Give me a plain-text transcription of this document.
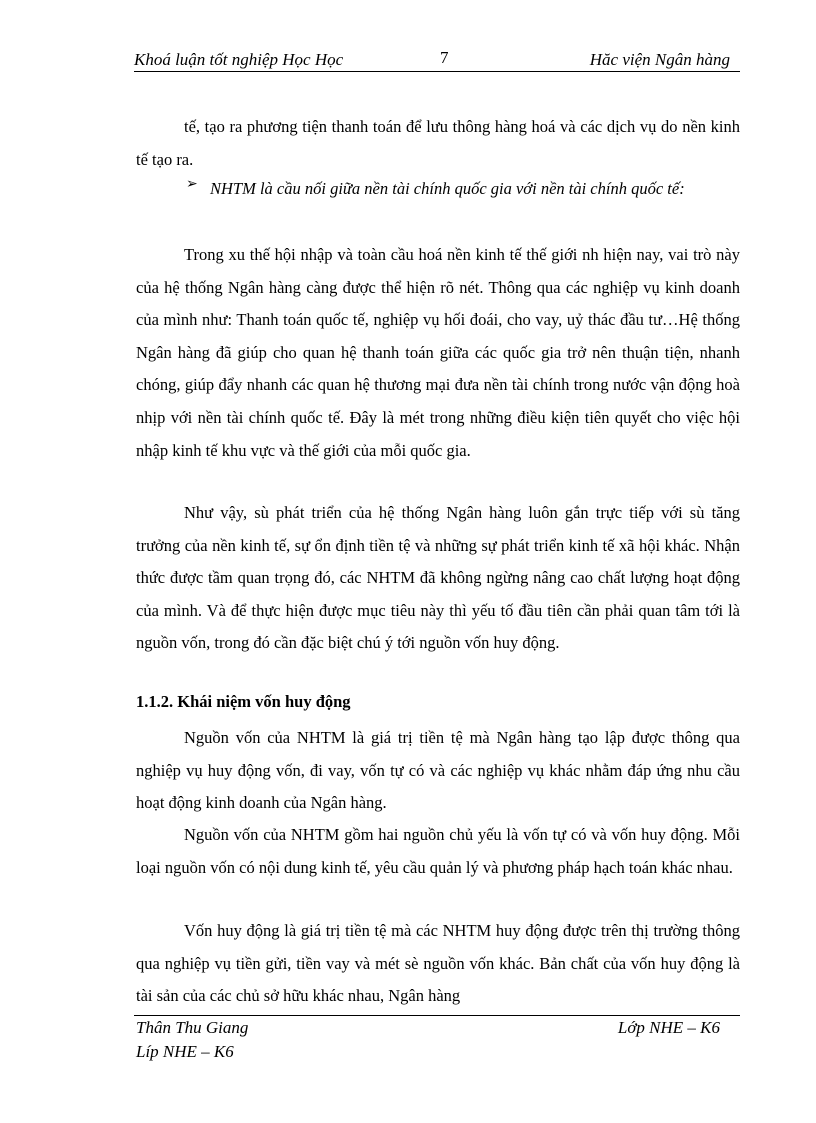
Khoá luận tốt nghiệp Học Học	7	Hăc viện Ngân hàng
tế, tạo ra phương tiện thanh toán để lưu thông hàng hoá và các dịch vụ do nền kinh tế tạo ra.
➢ NHTM là cầu nối giữa nền tài chính quốc gia với nền tài chính quốc tế:
Trong xu thế hội nhập và toàn cầu hoá nền kinh tế thế giới nh hiện nay, vai trò này của hệ thống Ngân hàng càng được thể hiện rõ nét. Thông qua các nghiệp vụ kinh doanh của mình như: Thanh toán quốc tế, nghiệp vụ hối đoái, cho vay, uỷ thác đầu tư…Hệ thống Ngân hàng đã giúp cho quan hệ thanh toán giữa các quốc gia trở nên thuận tiện, nhanh chóng, giúp đẩy nhanh các quan hệ thương mại đưa nền tài chính trong nước vận động hoà nhịp với nền tài chính quốc tế. Đây là mét trong những điều kiện tiên quyết cho việc hội nhập kinh tế khu vực và thế giới của mỗi quốc gia.
Như vậy, sù phát triển của hệ thống Ngân hàng luôn gắn trực tiếp với sù tăng trưởng của nền kinh tế, sự ổn định tiền tệ và những sự phát triển kinh tế xã hội khác. Nhận thức được tầm quan trọng đó, các NHTM đã không ngừng nâng cao chất lượng hoạt động của mình. Và để thực hiện được mục tiêu này thì yếu tố đầu tiên cần phải quan tâm tới là nguồn vốn, trong đó cần đặc biệt chú ý tới nguồn vốn huy động.
1.1.2. Khái niệm vốn huy động
Nguồn vốn của NHTM là giá trị tiền tệ mà Ngân hàng tạo lập được thông qua nghiệp vụ huy động vốn, đi vay, vốn tự có và các nghiệp vụ khác nhằm đáp ứng nhu cầu hoạt động kinh doanh của Ngân hàng.
Nguồn vốn của NHTM gồm hai nguồn chủ yếu là vốn tự có và vốn huy động. Mỗi loại nguồn vốn có nội dung kinh tế, yêu cầu quản lý và phương pháp hạch toán khác nhau.
Vốn huy động là giá trị tiền tệ mà các NHTM huy động được trên thị trường thông qua nghiệp vụ tiền gửi, tiền vay và mét sè nguồn vốn khác. Bản chất của vốn huy động là tài sản của các chủ sở hữu khác nhau, Ngân hàng
Thân Thu Giang
Líp NHE – K6
Lớp NHE – K6
